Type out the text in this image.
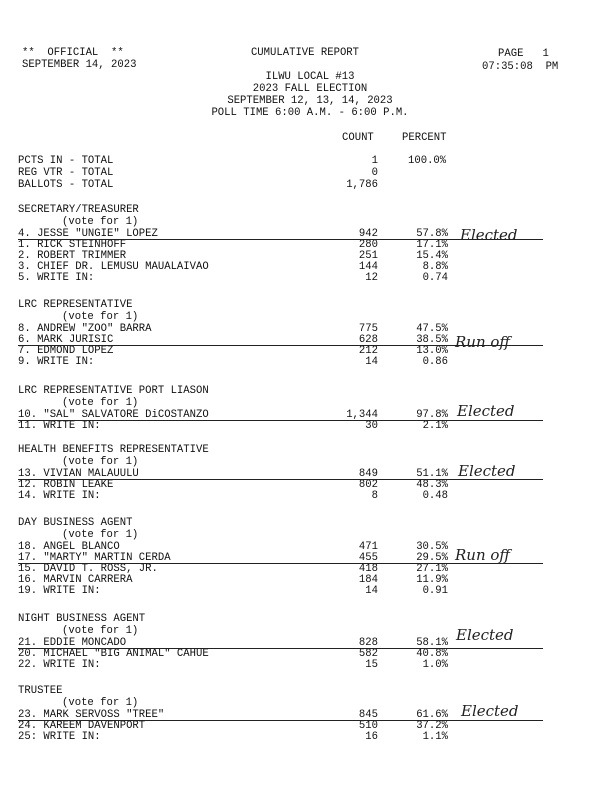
**  OFFICIAL  **
SEPTEMBER 14, 2023
CUMULATIVE REPORT	PAGE   1
07:35:08  PM
ILWU LOCAL #13
2023 FALL ELECTION
SEPTEMBER 12, 13, 14, 2023
POLL TIME 6:00 A.M. - 6:00 P.M.
COUNT	PERCENT
PCTS IN - TOTAL	1	100.0%
REG VTR - TOTAL	0
BALLOTS - TOTAL	1,786
SECRETARY/TREASURER
(vote for 1)
4. JESSE "UNGIE" LOPEZ	942	57.8%
1. RICK STEINHOFF	280	17.1%
2. ROBERT TRIMMER	251	15.4%
3. CHIEF DR. LEMUSU MAUALAIVAO	144	8.8%
5. WRITE IN:	12	0.74
Elected
LRC REPRESENTATIVE
(vote for 1)
8. ANDREW "ZOO" BARRA	775	47.5%
6. MARK JURISIC	628	38.5%
7. EDMOND LOPEZ	212	13.0%
9. WRITE IN:	14	0.86
Run off
LRC REPRESENTATIVE PORT LIASON
(vote for 1)
10. "SAL" SALVATORE DiCOSTANZO	1,344	97.8%
11. WRITE IN:	30	2.1%
Elected
HEALTH BENEFITS REPRESENTATIVE
(vote for 1)
13. VIVIAN MALAUULU	849	51.1%
12. ROBIN LEAKE	802	48.3%
14. WRITE IN:	8	0.48
Elected
DAY BUSINESS AGENT
(vote for 1)
18. ANGEL BLANCO	471	30.5%
17. "MARTY" MARTIN CERDA	455	29.5%
15. DAVID T. ROSS, JR.	418	27.1%
16. MARVIN CARRERA	184	11.9%
19. WRITE IN:	14	0.91
Run off
NIGHT BUSINESS AGENT
(vote for 1)
21. EDDIE MONCADO	828	58.1%
20. MICHAEL "BIG ANIMAL" CAHUE	582	40.8%
22. WRITE IN:	15	1.0%
Elected
TRUSTEE
(vote for 1)
23. MARK SERVOSS "TREE"	845	61.6%
24. KAREEM DAVENPORT	510	37.2%
25: WRITE IN:	16	1.1%
Elected
